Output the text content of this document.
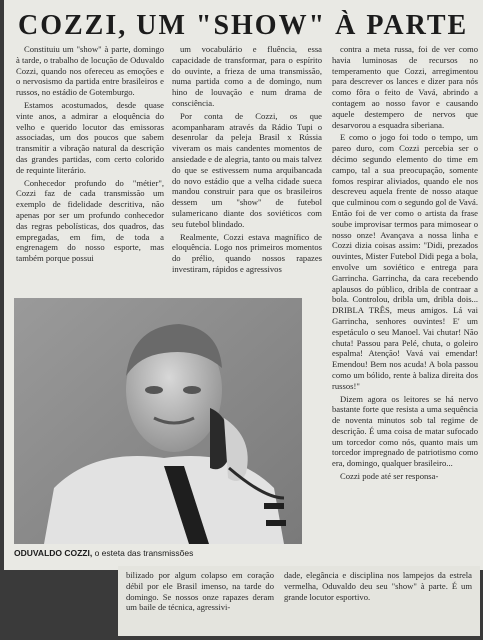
COZZI, UM "SHOW" À PARTE

Constituiu um "show" à parte, domingo à tarde, o trabalho de locução de Oduvaldo Cozzi, quando nos ofereceu as emoções e o nervosismo da partida entre brasileiros e russos, no estádio de Gotemburgo.

Estamos acostumados, desde quase vinte anos, a admirar a eloquência do velho e querido locutor das emissoras associadas, um dos poucos que sabem transmitir a vibração natural da descrição das grandes partidas, com certo colorido de requinte literário.

Conhecedor profundo do "métier", Cozzi faz de cada transmissão um exemplo de fidelidade descritiva, não apenas por ser um profundo conhecedor das regras pebolísticas, dos quadros, das empregadas, em fim, de toda a engrenagem do nosso esporte, mas também porque possui

um vocabulário e fluência, essa capacidade de transformar, para o espírito do ouvinte, a frieza de uma transmissão, numa partida como a de domingo, num hino de louvação e num drama de consciência.

Por conta de Cozzi, os que acompanharam através da Rádio Tupi o desenrolar da peleja Brasil x Rússia viveram os mais candentes momentos de ansiedade e de alegria, tanto ou mais talvez do que se estivessem numa arquibancada do novo estádio que a velha cidade sueca mandou construir para que os brasileiros dessem um "show" de futebol sulamericano diante dos soviéticos com seu futebol blindado.

Realmente, Cozzi estava magnífico de eloquência. Logo nos primeiros momentos do prélio, quando nossos rapazes investiram, rápidos e agressivos

contra a meta russa, foi de ver como havia luminosas de recursos no temperamento que Cozzi, arregimentou para descrever os lances e dizer para nós como fôra o feito de Vavá, abrindo a contagem ao nosso favor e causando aquele destempero de nervos que desarvorou a esquadra siberiana.

E como o jogo foi todo o tempo, um pareo duro, com Cozzi percebia ser o décimo segundo elemento do time em campo, tal a sua preocupação, somente fomos respirar aliviados, quando ele nos descreveu aquela frente de nosso ataque que culminou com o segundo gol de Vavá. Então foi de ver como o artista da frase soube improvisar termos para mimosear o nosso onze! Avançava a nossa linha e Cozzi dizia coisas assim: "Didi, prezados ouvintes, Mister Futebol Didi pega a bola, envolve um soviético e entrega para Garrincha. Garrincha, da cara recebendo aplausos do público, dribla de contraar a bola. Controlou, dribla um, dribla dois... DRIBLA TRÊS, meus amigos. Lá vai Garrincha, senhores ouvintes! E' um espetáculo o seu Manoel. Vai chutar! Não chuta! Passou para Pelé, chuta, o goleiro espalma! Atenção! Vavá vai emendar! Emendou! Bem nos acuda! A bola passou como um bólido, rente à baliza direita dos russos!"

Dizem agora os leitores se há nervo bastante forte que resista a uma sequência de noventa minutos sob tal regime de descrição. É uma coisa de matar sufocado um torcedor como nós, quanto mais um torcedor impregnado de patriotismo como era, domingo, qualquer brasileiro...

Cozzi pode até ser responsa-

ODUVALDO COZZI, o esteta das transmissões
bilizado por algum colapso em coração débil por ele Brasil imenso, na tarde do domingo. Se nossos onze rapazes deram um baile de técnica, agressivi-
dade, elegância e disciplina nos lampejos da estrela vermelha, Oduvaldo deu seu "show" à parte. É um grande locutor esportivo.
